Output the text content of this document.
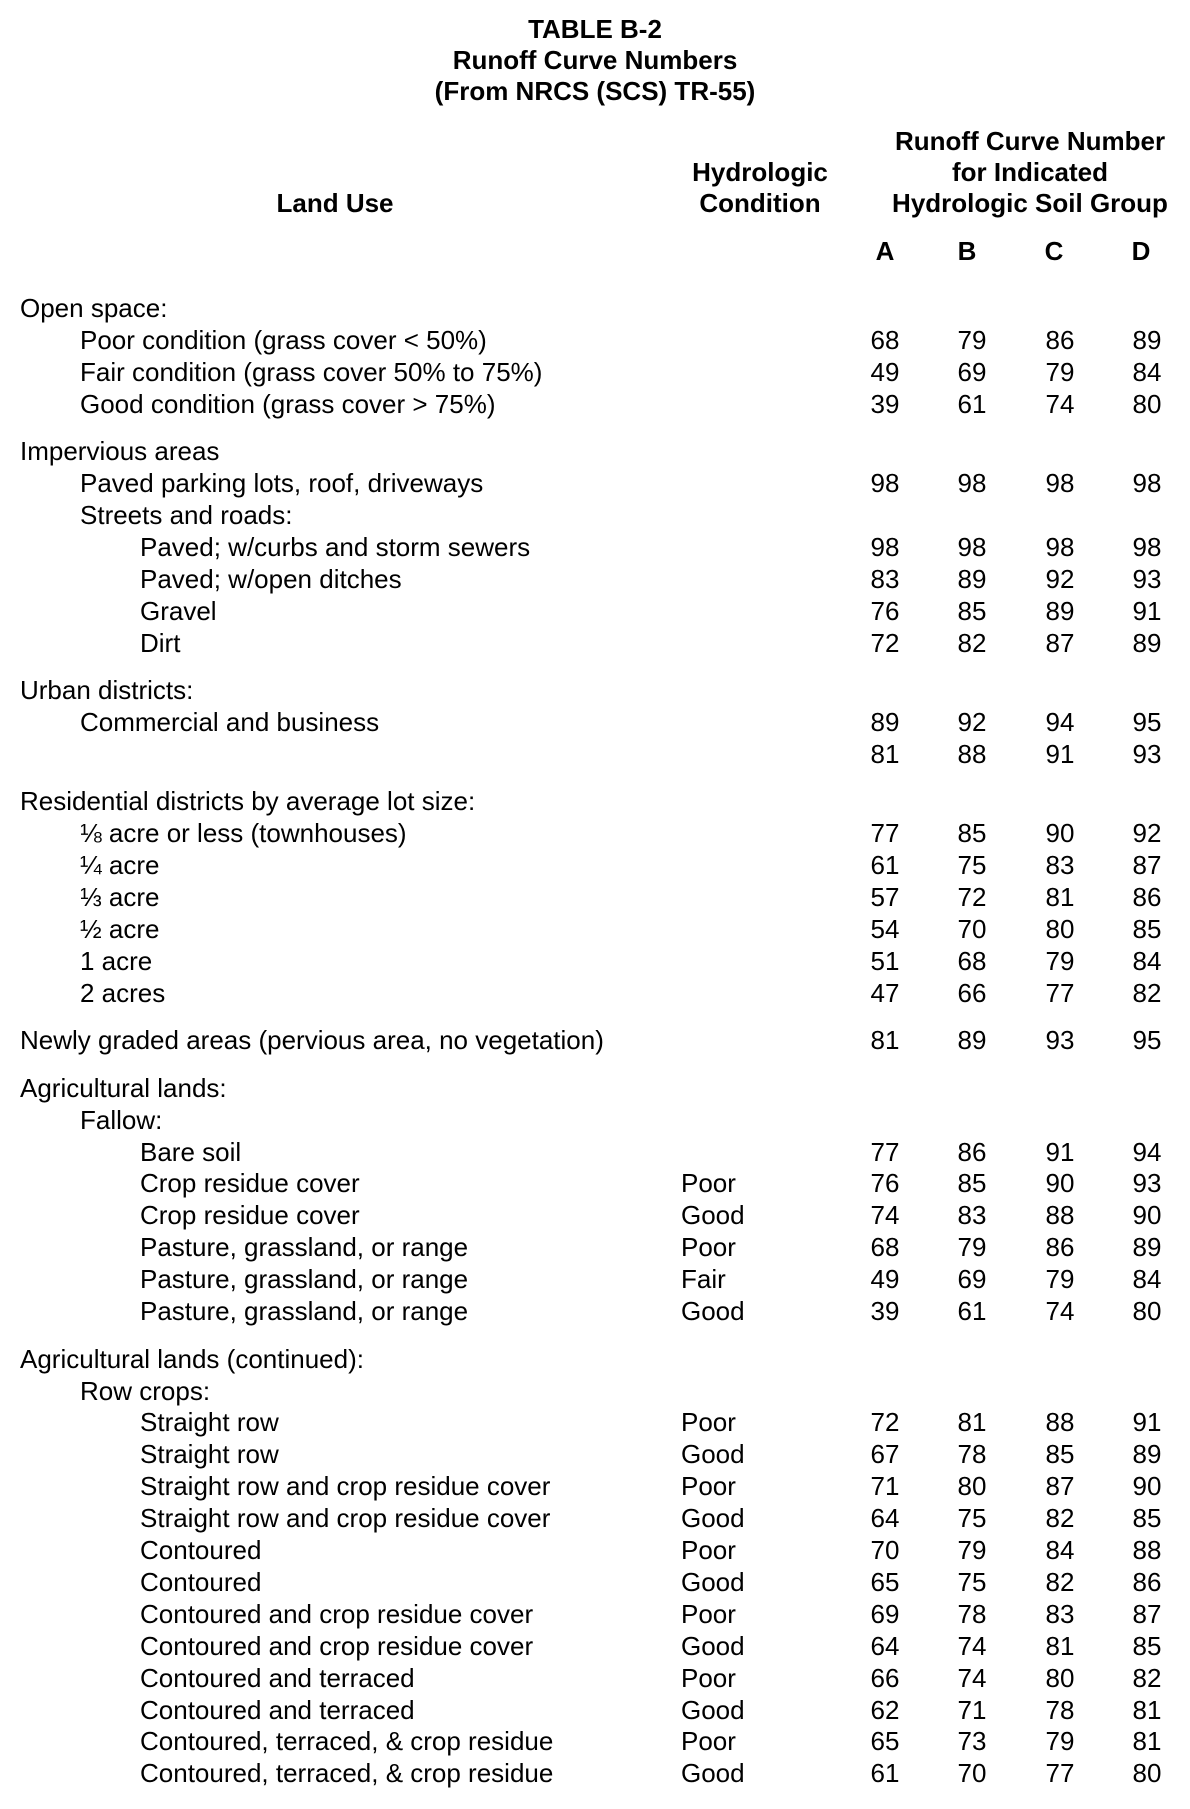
TABLE B-2
Runoff Curve Numbers
(From NRCS (SCS) TR-55)
Land Use
Hydrologic
Condition
Runoff Curve Number
for Indicated
Hydrologic Soil Group
A	B	C	D
Open space:
Poor condition (grass cover < 50%)	68	79	86	89
Fair condition (grass cover 50% to 75%)	49	69	79	84
Good condition (grass cover > 75%)	39	61	74	80
Impervious areas
Paved parking lots, roof, driveways	98	98	98	98
Streets and roads:
Paved; w/curbs and storm sewers	98	98	98	98
Paved; w/open ditches	83	89	92	93
Gravel	76	85	89	91
Dirt	72	82	87	89
Urban districts:
Commercial and business	89	92	94	95
81	88	91	93
Residential districts by average lot size:
⅛ acre or less (townhouses)	77	85	90	92
¼ acre	61	75	83	87
⅓ acre	57	72	81	86
½ acre	54	70	80	85
1 acre	51	68	79	84
2 acres	47	66	77	82
Newly graded areas (pervious area, no vegetation)	81	89	93	95
Agricultural lands:
Fallow:
Bare soil	77	86	91	94
Crop residue cover	Poor	76	85	90	93
Crop residue cover	Good	74	83	88	90
Pasture, grassland, or range	Poor	68	79	86	89
Pasture, grassland, or range	Fair	49	69	79	84
Pasture, grassland, or range	Good	39	61	74	80
Agricultural lands (continued):
Row crops:
Straight row	Poor	72	81	88	91
Straight row	Good	67	78	85	89
Straight row and crop residue cover	Poor	71	80	87	90
Straight row and crop residue cover	Good	64	75	82	85
Contoured	Poor	70	79	84	88
Contoured	Good	65	75	82	86
Contoured and crop residue cover	Poor	69	78	83	87
Contoured and crop residue cover	Good	64	74	81	85
Contoured and terraced	Poor	66	74	80	82
Contoured and terraced	Good	62	71	78	81
Contoured, terraced, & crop residue	Poor	65	73	79	81
Contoured, terraced, & crop residue	Good	61	70	77	80
